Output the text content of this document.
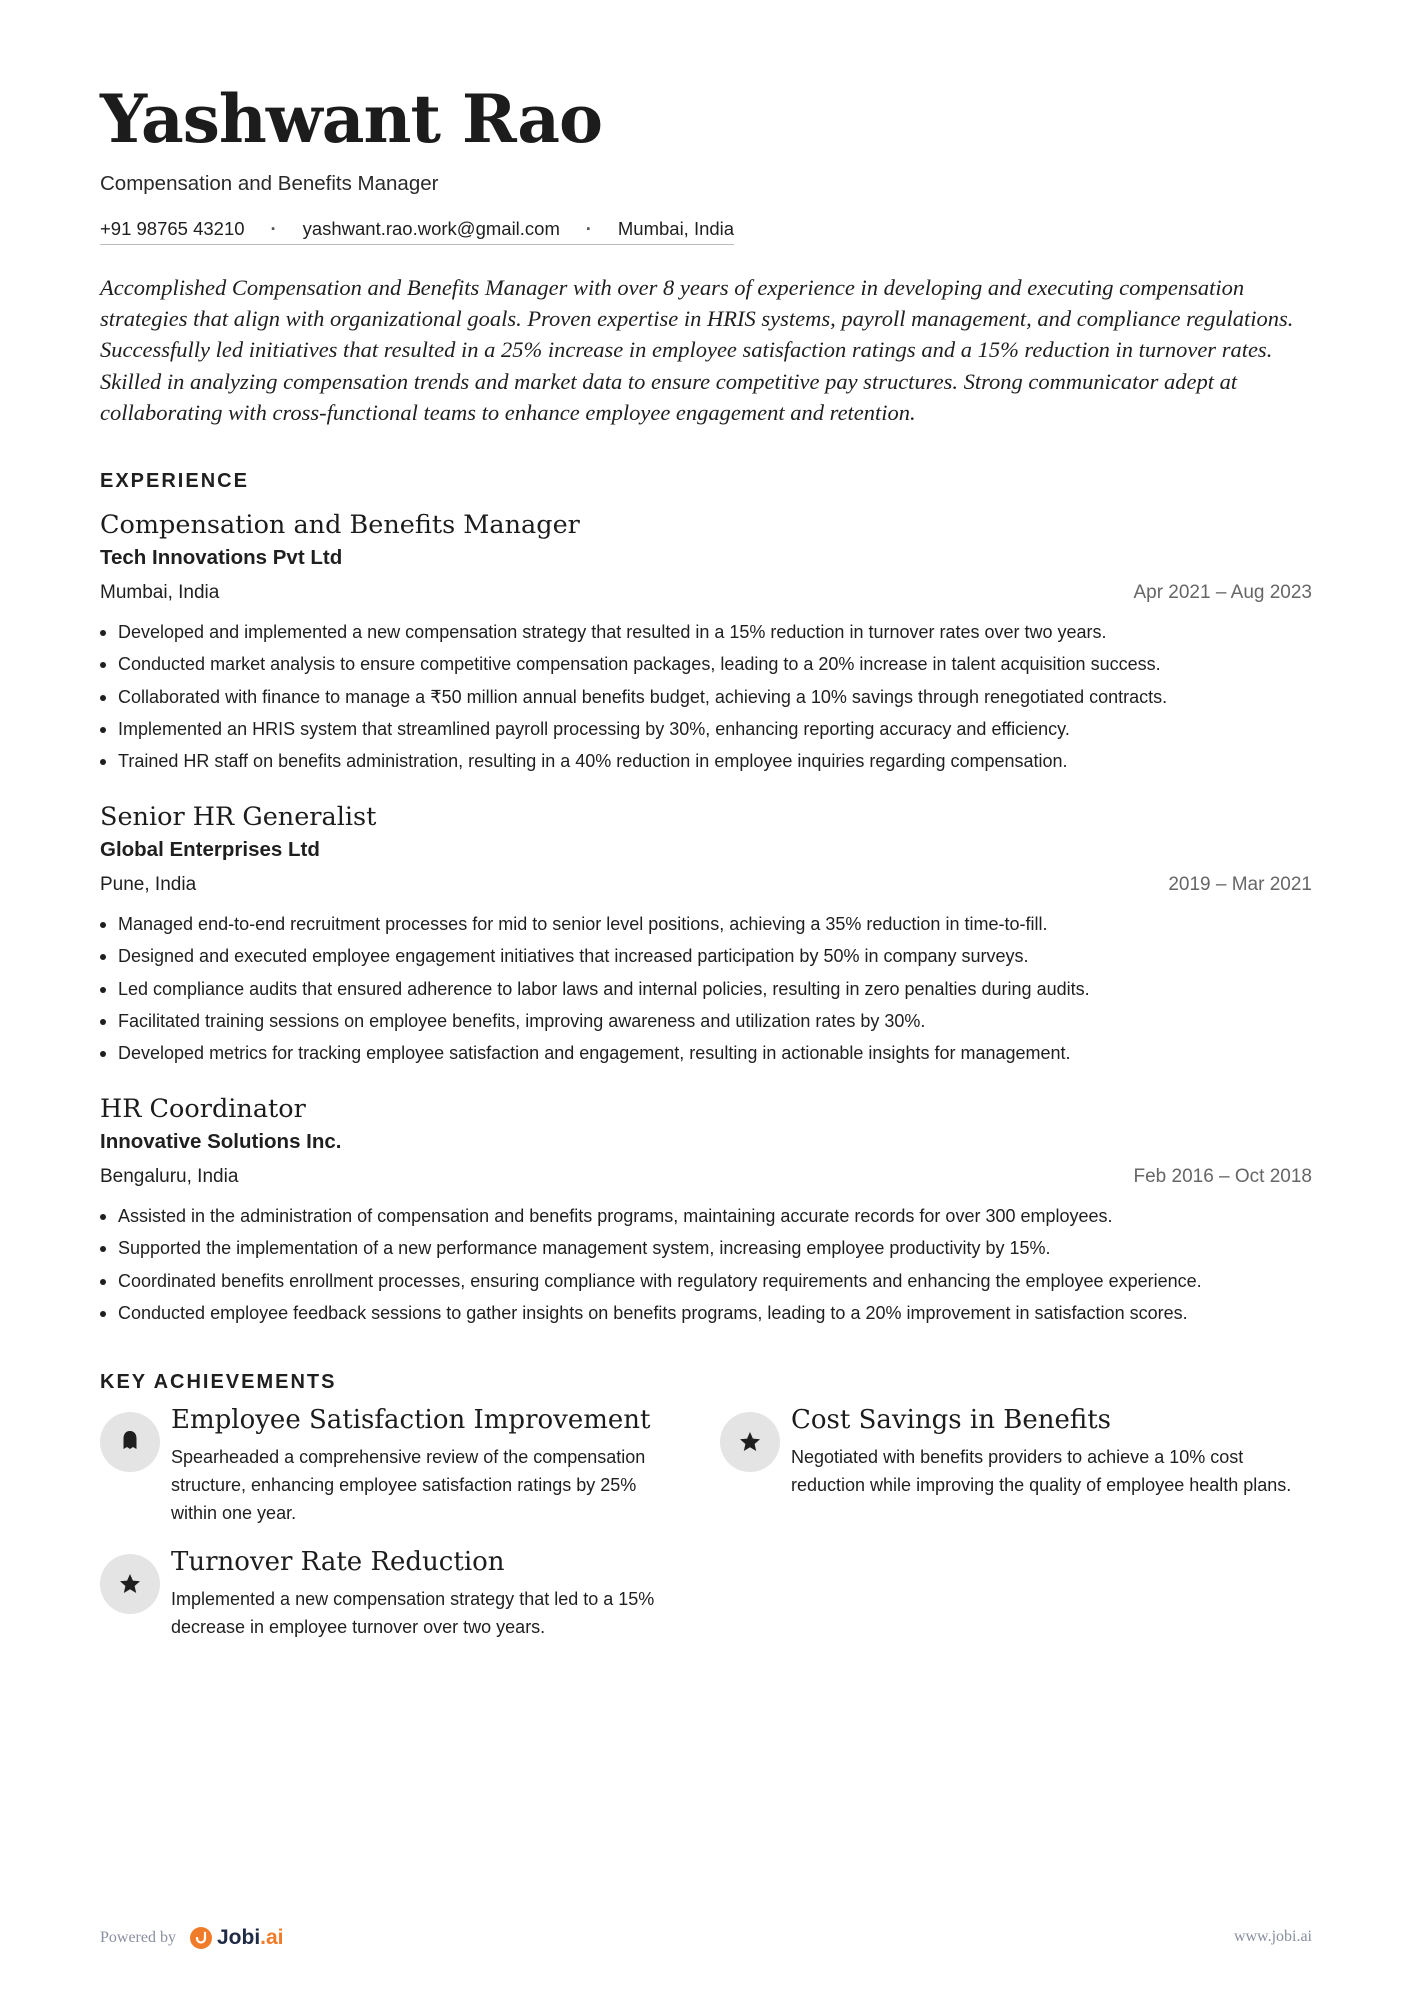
Yashwant Rao
Compensation and Benefits Manager
+91 98765 43210	·	yashwant.rao.work@gmail.com	·	Mumbai, India

Accomplished Compensation and Benefits Manager with over 8 years of experience in developing and executing compensation strategies that align with organizational goals. Proven expertise in HRIS systems, payroll management, and compliance regulations. Successfully led initiatives that resulted in a 25% increase in employee satisfaction ratings and a 15% reduction in turnover rates. Skilled in analyzing compensation trends and market data to ensure competitive pay structures. Strong communicator adept at collaborating with cross-functional teams to enhance employee engagement and retention.

EXPERIENCE
Compensation and Benefits Manager
Tech Innovations Pvt Ltd
Mumbai, India	Apr 2021 – Aug 2023
Developed and implemented a new compensation strategy that resulted in a 15% reduction in turnover rates over two years.
Conducted market analysis to ensure competitive compensation packages, leading to a 20% increase in talent acquisition success.
Collaborated with finance to manage a ₹50 million annual benefits budget, achieving a 10% savings through renegotiated contracts.
Implemented an HRIS system that streamlined payroll processing by 30%, enhancing reporting accuracy and efficiency.
Trained HR staff on benefits administration, resulting in a 40% reduction in employee inquiries regarding compensation.
Senior HR Generalist
Global Enterprises Ltd
Pune, India	2019 – Mar 2021
Managed end-to-end recruitment processes for mid to senior level positions, achieving a 35% reduction in time-to-fill.
Designed and executed employee engagement initiatives that increased participation by 50% in company surveys.
Led compliance audits that ensured adherence to labor laws and internal policies, resulting in zero penalties during audits.
Facilitated training sessions on employee benefits, improving awareness and utilization rates by 30%.
Developed metrics for tracking employee satisfaction and engagement, resulting in actionable insights for management.
HR Coordinator
Innovative Solutions Inc.
Bengaluru, India	Feb 2016 – Oct 2018
Assisted in the administration of compensation and benefits programs, maintaining accurate records for over 300 employees.
Supported the implementation of a new performance management system, increasing employee productivity by 15%.
Coordinated benefits enrollment processes, ensuring compliance with regulatory requirements and enhancing the employee experience.
Conducted employee feedback sessions to gather insights on benefits programs, leading to a 20% improvement in satisfaction scores.
KEY ACHIEVEMENTS
Employee Satisfaction Improvement
Spearheaded a comprehensive review of the compensation structure, enhancing employee satisfaction ratings by 25% within one year.
Cost Savings in Benefits
Negotiated with benefits providers to achieve a 10% cost reduction while improving the quality of employee health plans.
Turnover Rate Reduction
Implemented a new compensation strategy that led to a 15% decrease in employee turnover over two years.
Powered by Jobi.ai	www.jobi.ai
